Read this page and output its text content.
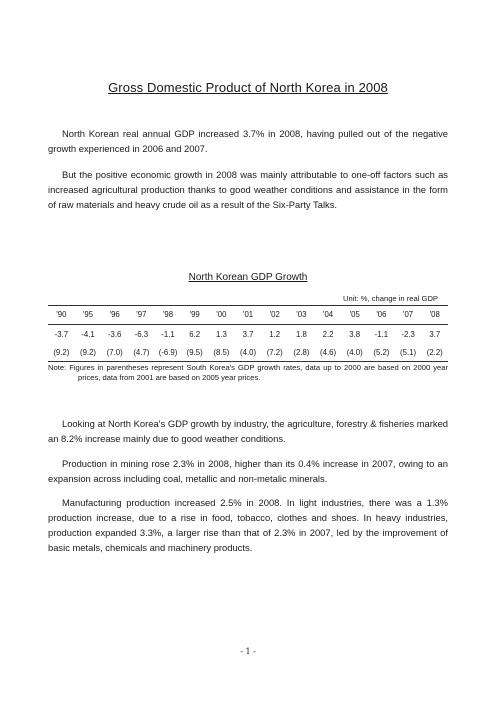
Gross Domestic Product of North Korea in 2008

North Korean real annual GDP increased 3.7% in 2008, having pulled out of the negative growth experienced in 2006 and 2007.

But the positive economic growth in 2008 was mainly attributable to one-off factors such as increased agricultural production thanks to good weather conditions and assistance in the form of raw materials and heavy crude oil as a result of the Six-Party Talks.

North Korean GDP Growth
Unit: %, change in real GDP
'90	'95	'96	'97	'98	'99	'00	'01	'02	'03	'04	'05	'06	'07	'08
-3.7	-4.1	-3.6	-6.3	-1.1	6.2	1.3	3.7	1.2	1.8	2.2	3.8	-1.1	-2.3	3.7
(9.2)	(9.2)	(7.0)	(4.7)	(-6.9)	(9.5)	(8.5)	(4.0)	(7.2)	(2.8)	(4.6)	(4.0)	(5.2)	(5.1)	(2.2)

Note: Figures in parentheses represent South Korea's GDP growth rates, data up to 2000 are based on 2000 year prices, data from 2001 are based on 2005 year prices.

Looking at North Korea's GDP growth by industry, the agriculture, forestry & fisheries marked an 8.2% increase mainly due to good weather conditions.

Production in mining rose 2.3% in 2008, higher than its 0.4% increase in 2007, owing to an expansion across including coal, metallic and non-metalic minerals.

Manufacturing production increased 2.5% in 2008. In light industries, there was a 1.3% production increase, due to a rise in food, tobacco, clothes and shoes. In heavy industries, production expanded 3.3%, a larger rise than that of 2.3% in 2007, led by the improvement of basic metals, chemicals and machinery products.

- 1 -
